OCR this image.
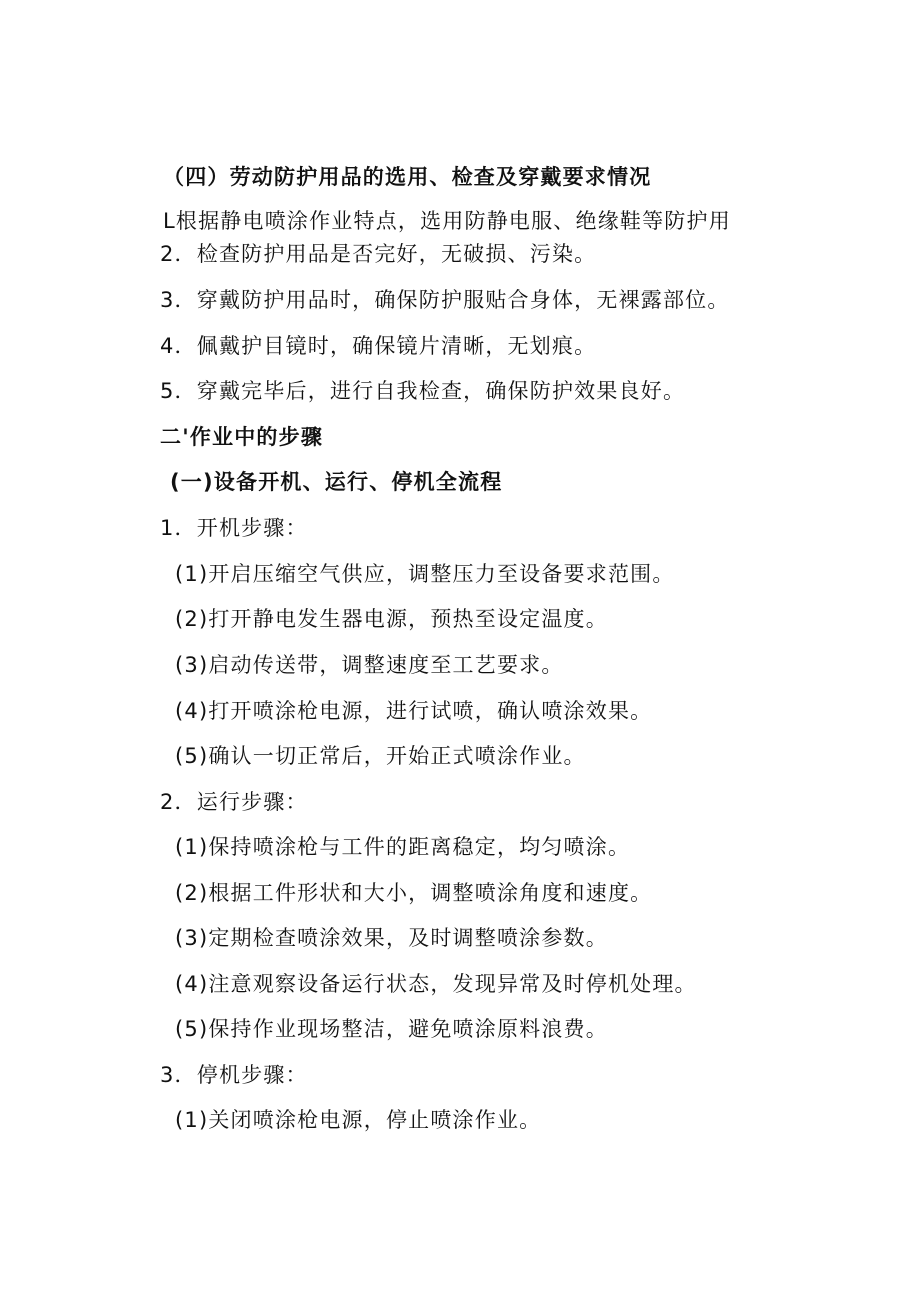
（四）劳动防护用品的选用、检查及穿戴要求情况
L根据静电喷涂作业特点，选用防静电服、绝缘鞋等防护用
2．检查防护用品是否完好，无破损、污染。
3．穿戴防护用品时，确保防护服贴合身体，无裸露部位。
4．佩戴护目镜时，确保镜片清晰，无划痕。
5．穿戴完毕后，进行自我检查，确保防护效果良好。
二'作业中的步骤
(一)设备开机、运行、停机全流程
1．开机步骤：
(1)开启压缩空气供应，调整压力至设备要求范围。
(2)打开静电发生器电源，预热至设定温度。
(3)启动传送带，调整速度至工艺要求。
(4)打开喷涂枪电源，进行试喷，确认喷涂效果。
(5)确认一切正常后，开始正式喷涂作业。
2．运行步骤：
(1)保持喷涂枪与工件的距离稳定，均匀喷涂。
(2)根据工件形状和大小，调整喷涂角度和速度。
(3)定期检查喷涂效果，及时调整喷涂参数。
(4)注意观察设备运行状态，发现异常及时停机处理。
(5)保持作业现场整洁，避免喷涂原料浪费。
3．停机步骤：
(1)关闭喷涂枪电源，停止喷涂作业。
